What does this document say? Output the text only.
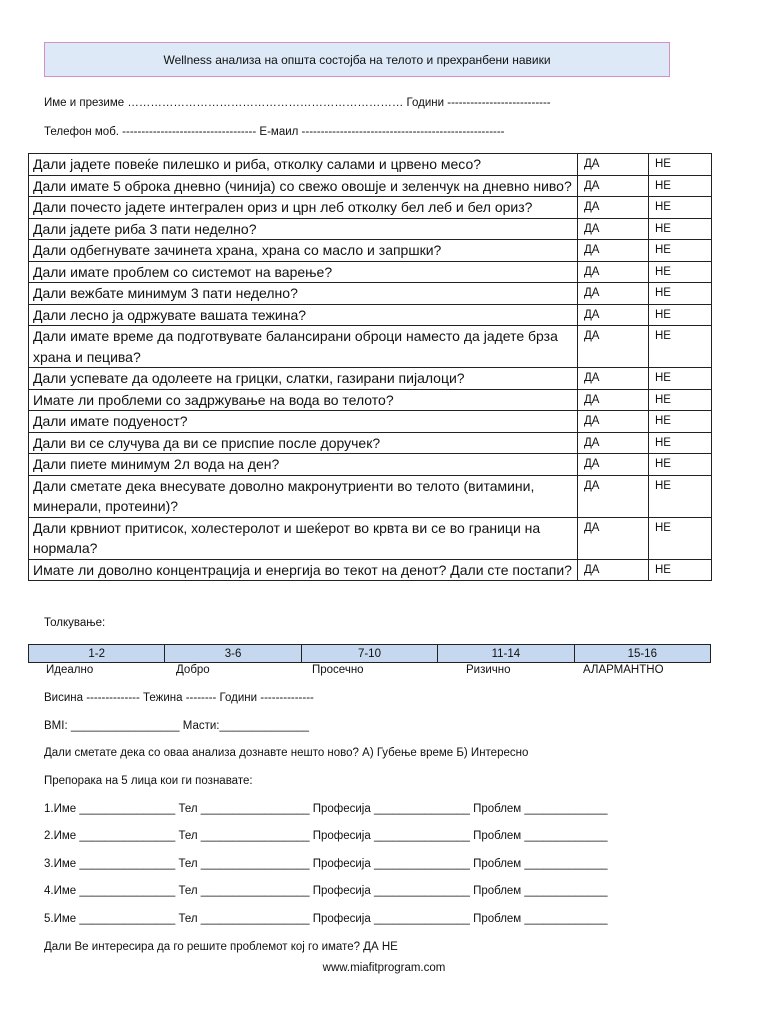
Wellness анализа на општа состојба на телото и прехранбени навики
Име и презиме ……………………………………………………………… Години ---------------------------
Телефон моб. ----------------------------------- Е-маил -----------------------------------------------------
Дали јадете повеќе пилешко и риба, отколку салами и црвено месо?	ДА	НЕ
Дали имате 5 оброка дневно (чинија) со свежо овошје и зеленчук на дневно ниво?	ДА	НЕ
Дали почесто јадете интегрален ориз и црн леб отколку бел леб и бел ориз?	ДА	НЕ
Дали јадете риба 3 пати неделно?	ДА	НЕ
Дали одбегнувате зачинета храна, храна со масло и запршки?	ДА	НЕ
Дали имате проблем со системот на варење?	ДА	НЕ
Дали вежбате минимум 3 пати неделно?	ДА	НЕ
Дали лесно ја одржувате вашата тежина?	ДА	НЕ
Дали имате време да подготвувате балансирани оброци наместо да јадете брза храна и пецива?	ДА	НЕ
Дали успевате да одолеете на грицки, слатки, газирани пијалоци?	ДА	НЕ
Имате ли проблеми со задржување на вода во телото?	ДА	НЕ
Дали имате подуеност?	ДА	НЕ
Дали ви се случува да ви се приспие после доручек?	ДА	НЕ
Дали пиете минимум 2л вода на ден?	ДА	НЕ
Дали сметате дека внесувате доволно макронутриенти во телото (витамини, минерали, протеини)?	ДА	НЕ
Дали крвниот притисок, холестеролот и шеќерот во крвта ви се во граници на нормала?	ДА	НЕ
Имате ли доволно концентрација и енергија во текот на денот? Дали сте постапи?	ДА	НЕ
Толкување:
1-2	3-6	7-10	11-14	15-16
Идеално	Добро	Просечно	Ризично	АЛАРМАНТНО
Висина -------------- Тежина -------- Години --------------
BMI: _________________ Масти:______________
Дали сметате дека со оваа анализа дознавте нешто ново? А) Губење време Б) Интересно
Препорака на 5 лица кои ги познавате:
1.Име _______________ Тел _________________ Професија _______________ Проблем _____________
2.Име _______________ Тел _________________ Професија _______________ Проблем _____________
3.Име _______________ Тел _________________ Професија _______________ Проблем _____________
4.Име _______________ Тел _________________ Професија _______________ Проблем _____________
5.Име _______________ Тел _________________ Професија _______________ Проблем _____________
Дали Ве интересира да го решите проблемот кој го имате? ДА НЕ
www.miafitprogram.com
